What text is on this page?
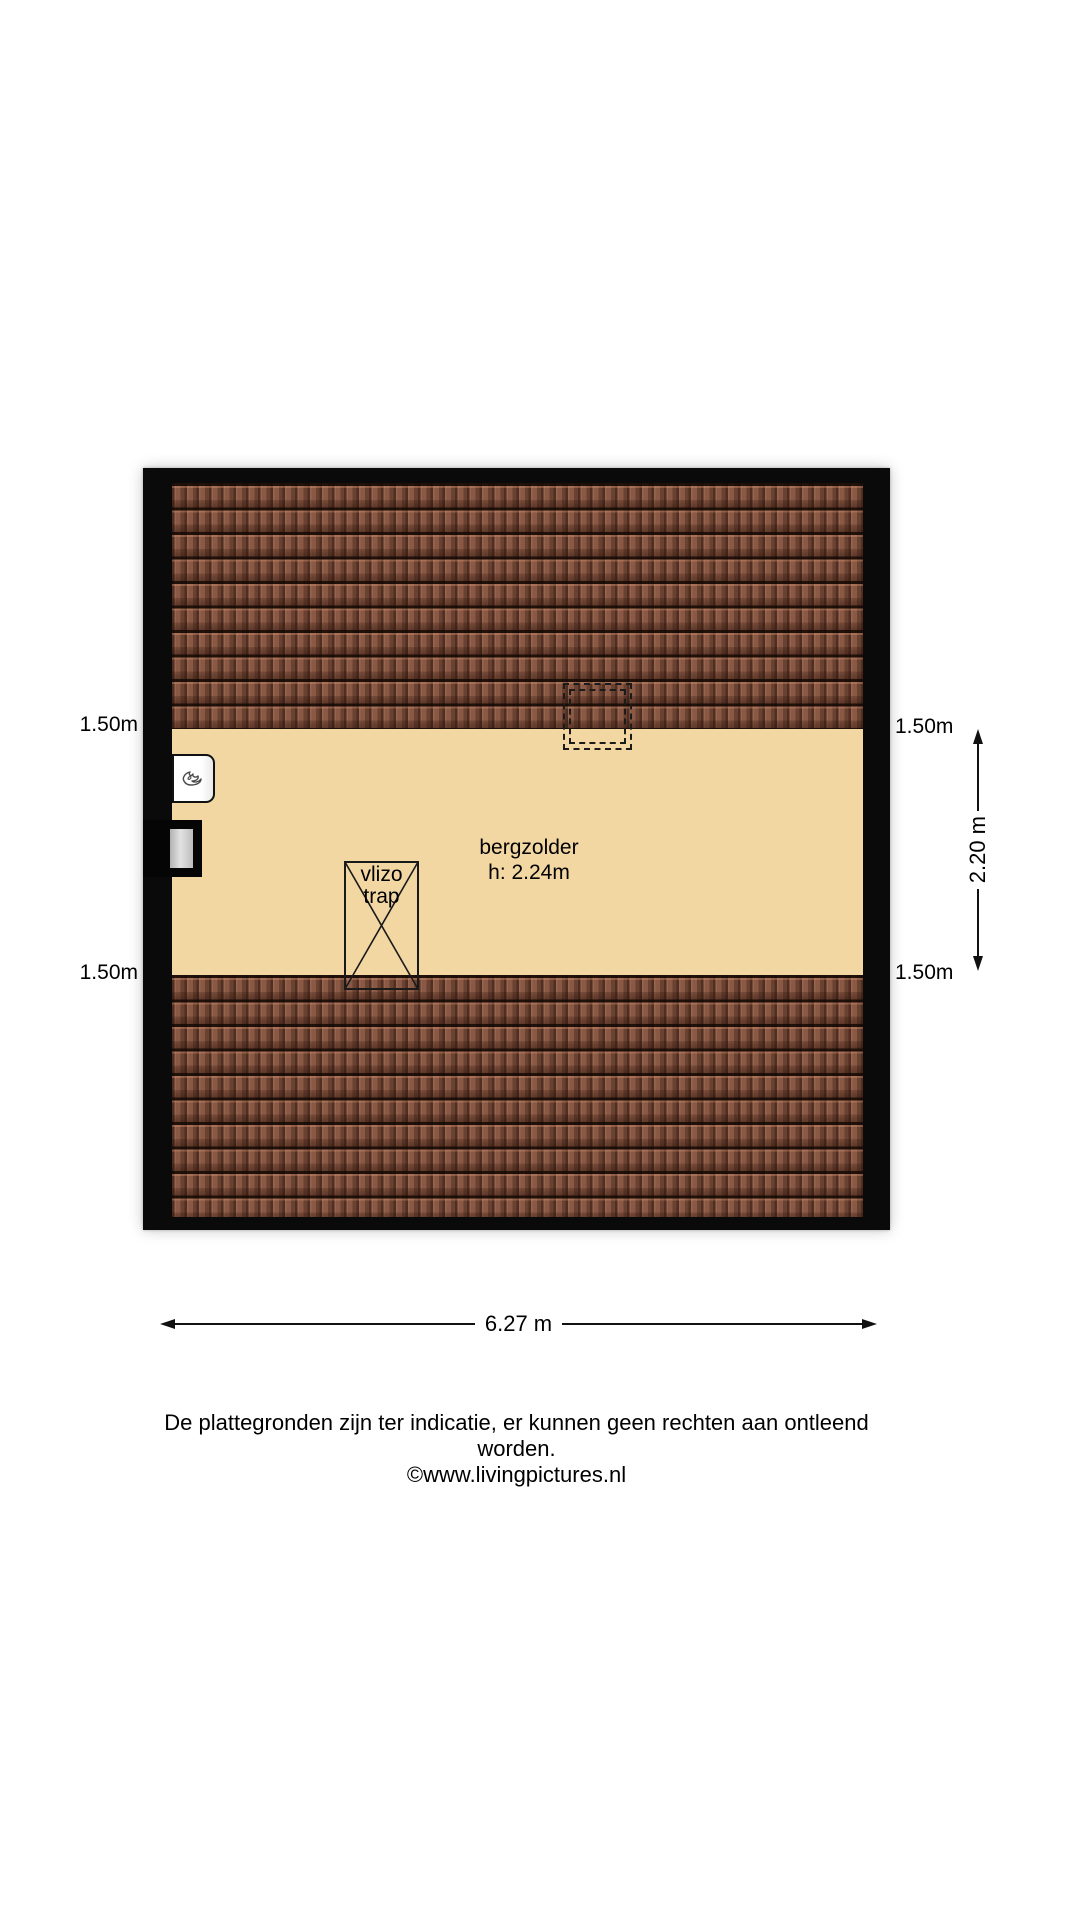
vlizo
trap
bergzolder
h: 2.24m
1.50m	1.50m
1.50m	1.50m
2.20 m
6.27 m
De plattegronden zijn ter indicatie, er kunnen geen rechten aan ontleend worden.
©www.livingpictures.nl
